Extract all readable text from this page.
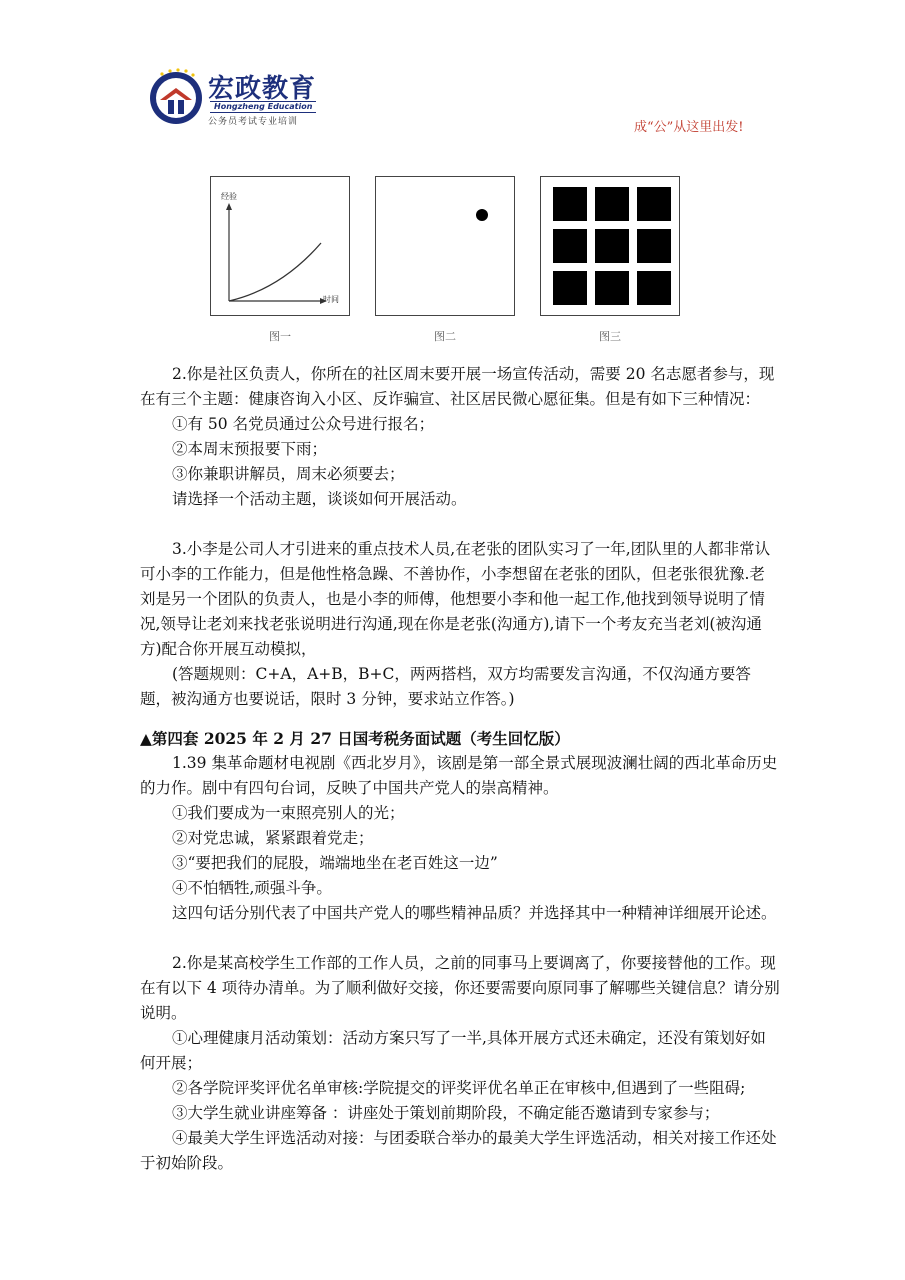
宏政教育
Hongzheng Education
公务员考试专业培训	成“公”从这里出发!
经验
时间
图一	图二	图三

2.你是社区负责人，你所在的社区周末要开展一场宣传活动，需要 20 名志愿者参与，现在有三个主题：健康咨询入小区、反诈骗宣、社区居民微心愿征集。但是有如下三种情况：

①有 50 名党员通过公众号进行报名；

②本周末预报要下雨；

③你兼职讲解员，周末必须要去；

请选择一个活动主题，谈谈如何开展活动。

3.小李是公司人才引进来的重点技术人员,在老张的团队实习了一年,团队里的人都非常认可小李的工作能力，但是他性格急躁、不善协作，小李想留在老张的团队，但老张很犹豫.老刘是另一个团队的负责人，也是小李的师傅，他想要小李和他一起工作,他找到领导说明了情况,领导让老刘来找老张说明进行沟通,现在你是老张(沟通方),请下一个考友充当老刘(被沟通方)配合你开展互动模拟，

(答题规则：C+A，A+B，B+C，两两搭档，双方均需要发言沟通，不仅沟通方要答题，被沟通方也要说话，限时 3 分钟，要求站立作答。)

▲第四套 2025 年 2 月 27 日国考税务面试题（考生回忆版）

1.39 集革命题材电视剧《西北岁月》，该剧是第一部全景式展现波澜壮阔的西北革命历史的力作。剧中有四句台词，反映了中国共产党人的崇高精神。

①我们要成为一束照亮别人的光；

②对党忠诚，紧紧跟着党走；

③“要把我们的屁股，端端地坐在老百姓这一边”

④不怕牺牲,顽强斗争。

这四句话分别代表了中国共产党人的哪些精神品质？并选择其中一种精神详细展开论述。

2.你是某高校学生工作部的工作人员，之前的同事马上要调离了，你要接替他的工作。现在有以下 4 项待办清单。为了顺利做好交接，你还要需要向原同事了解哪些关键信息？请分别说明。

①心理健康月活动策划：活动方案只写了一半,具体开展方式还未确定，还没有策划好如何开展；

②各学院评奖评优名单审核:学院提交的评奖评优名单正在审核中,但遇到了一些阻碍;

③大学生就业讲座筹备 ：讲座处于策划前期阶段，不确定能否邀请到专家参与；

④最美大学生评选活动对接：与团委联合举办的最美大学生评选活动，相关对接工作还处于初始阶段。
